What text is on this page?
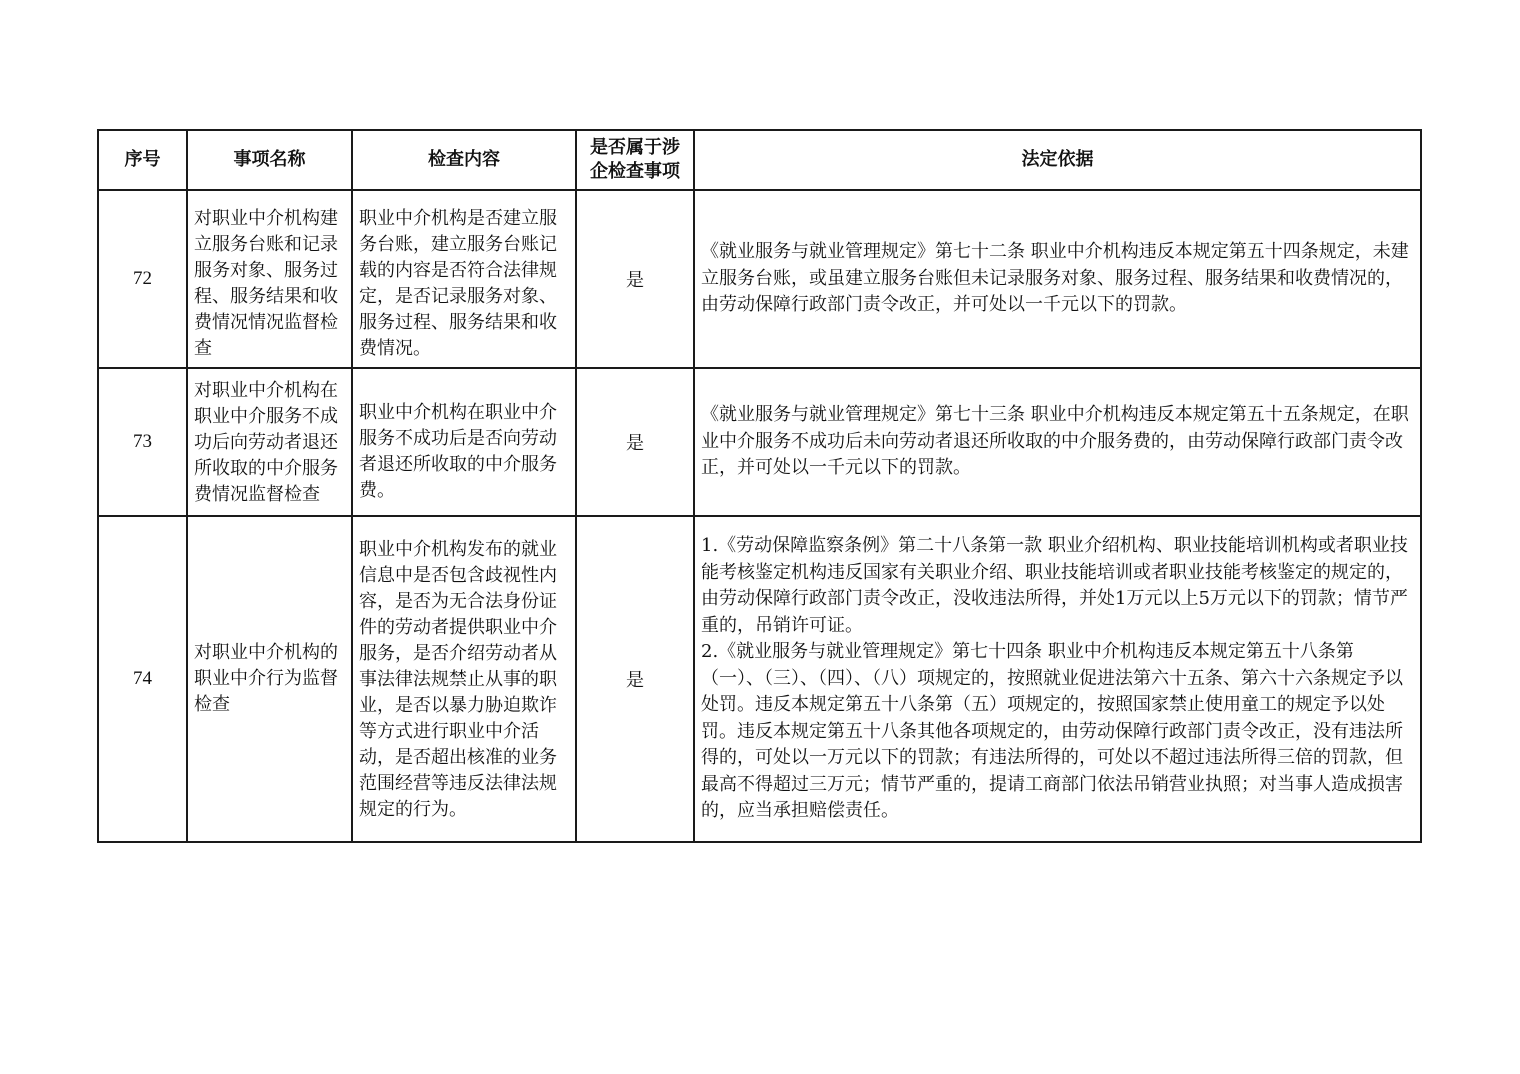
序号	事项名称	检查内容	是否属于涉企检查事项	法定依据

72	对职业中介机构建立服务台账和记录服务对象、服务过程、服务结果和收费情况情况监督检查	职业中介机构是否建立服务台账，建立服务台账记载的内容是否符合法律规定，是否记录服务对象、服务过程、服务结果和收费情况。	是	《就业服务与就业管理规定》第七十二条 职业中介机构违反本规定第五十四条规定，未建立服务台账，或虽建立服务台账但未记录服务对象、服务过程、服务结果和收费情况的，由劳动保障行政部门责令改正，并可处以一千元以下的罚款。

73	对职业中介机构在职业中介服务不成功后向劳动者退还所收取的中介服务费情况监督检查	职业中介机构在职业中介服务不成功后是否向劳动者退还所收取的中介服务费。	是	《就业服务与就业管理规定》第七十三条 职业中介机构违反本规定第五十五条规定，在职业中介服务不成功后未向劳动者退还所收取的中介服务费的，由劳动保障行政部门责令改正，并可处以一千元以下的罚款。

74	对职业中介机构的职业中介行为监督检查	职业中介机构发布的就业信息中是否包含歧视性内容，是否为无合法身份证件的劳动者提供职业中介服务，是否介绍劳动者从事法律法规禁止从事的职业，是否以暴力胁迫欺诈等方式进行职业中介活动，是否超出核准的业务范围经营等违反法律法规规定的行为。	是	1.《劳动保障监察条例》第二十八条第一款 职业介绍机构、职业技能培训机构或者职业技能考核鉴定机构违反国家有关职业介绍、职业技能培训或者职业技能考核鉴定的规定的，由劳动保障行政部门责令改正，没收违法所得，并处1万元以上5万元以下的罚款；情节严重的，吊销许可证。
2.《就业服务与就业管理规定》第七十四条 职业中介机构违反本规定第五十八条第（一）、（三）、（四）、（八）项规定的，按照就业促进法第六十五条、第六十六条规定予以处罚。违反本规定第五十八条第（五）项规定的，按照国家禁止使用童工的规定予以处罚。违反本规定第五十八条其他各项规定的，由劳动保障行政部门责令改正，没有违法所得的，可处以一万元以下的罚款；有违法所得的，可处以不超过违法所得三倍的罚款，但最高不得超过三万元；情节严重的，提请工商部门依法吊销营业执照；对当事人造成损害的，应当承担赔偿责任。
